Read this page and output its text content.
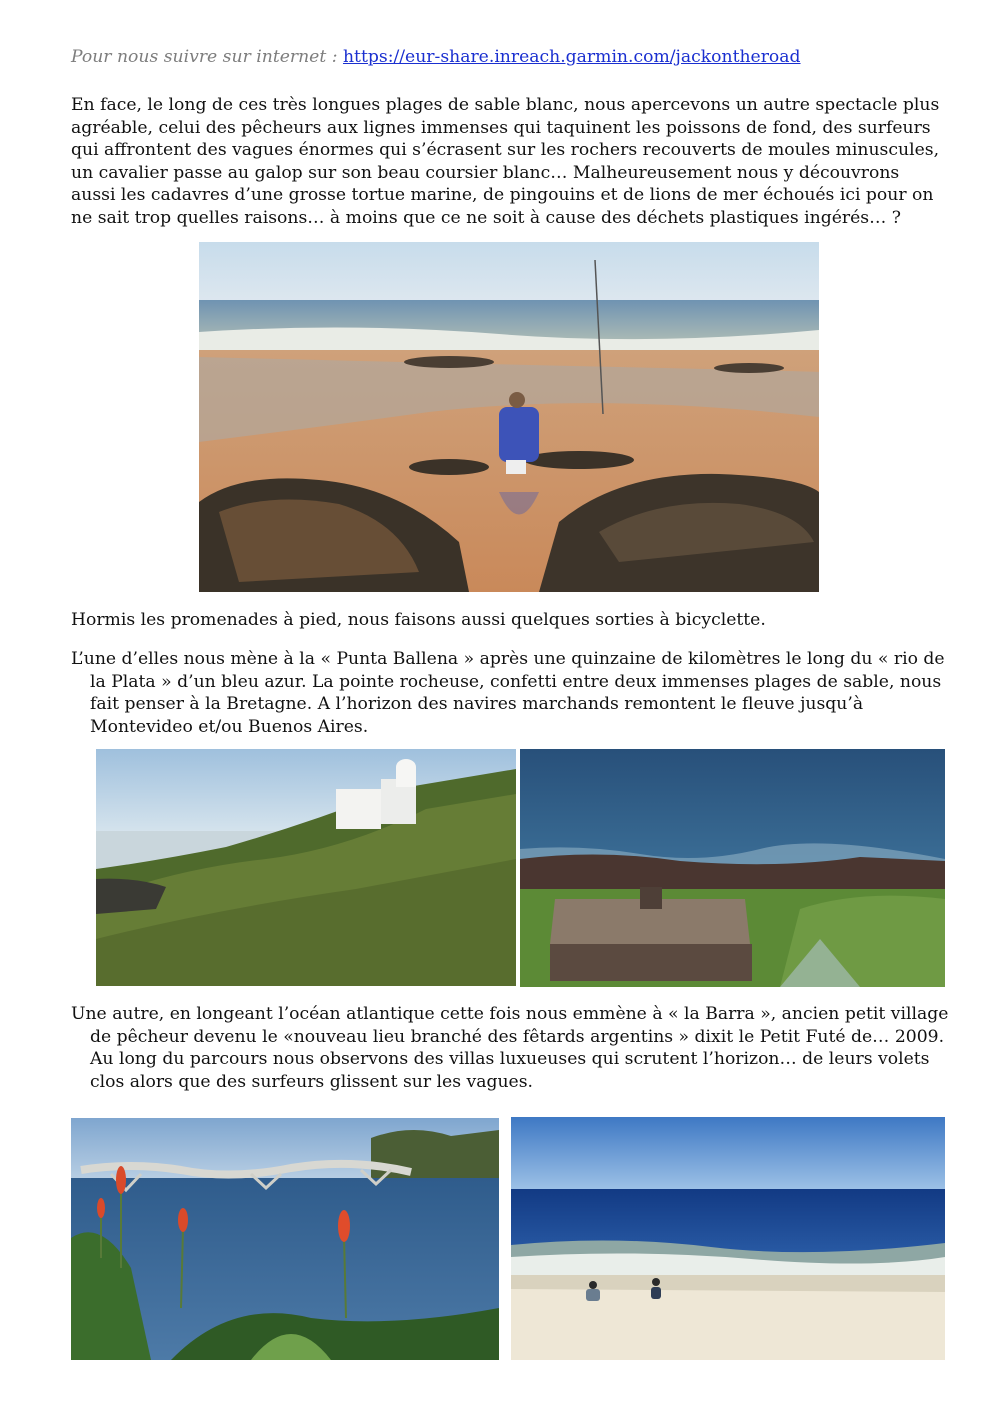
Pour nous suivre sur internet : https://eur-share.inreach.garmin.com/jackontheroad

En face, le long de ces très longues plages de sable blanc, nous apercevons un autre spectacle plus agréable, celui des pêcheurs aux lignes immenses qui taquinent les poissons de fond, des surfeurs qui affrontent des vagues énormes qui s’écrasent sur les rochers recouverts de moules minuscules, un cavalier passe au galop sur son beau coursier blanc… Malheureusement nous y découvrons aussi les cadavres d’une grosse tortue marine, de pingouins et de lions de mer échoués ici pour on ne sait trop quelles raisons… à moins que ce ne soit à cause des déchets plastiques ingérés… ?

Hormis les promenades à pied, nous faisons aussi quelques sorties à bicyclette.

L’une d’elles nous mène à la « Punta Ballena » après une quinzaine de kilomètres le long du « rio de la Plata » d’un bleu azur. La pointe rocheuse, confetti entre deux immenses plages de sable, nous fait penser à la Bretagne. A l’horizon des navires marchands remontent le fleuve jusqu’à Montevideo et/ou Buenos Aires.

Une autre, en longeant l’océan atlantique cette fois nous emmène à « la Barra », ancien petit village de pêcheur devenu le «nouveau lieu branché des fêtards argentins » dixit le Petit Futé de… 2009. Au long du parcours nous observons des villas luxueuses qui scrutent l’horizon… de leurs volets clos alors que des surfeurs glissent sur les vagues.
